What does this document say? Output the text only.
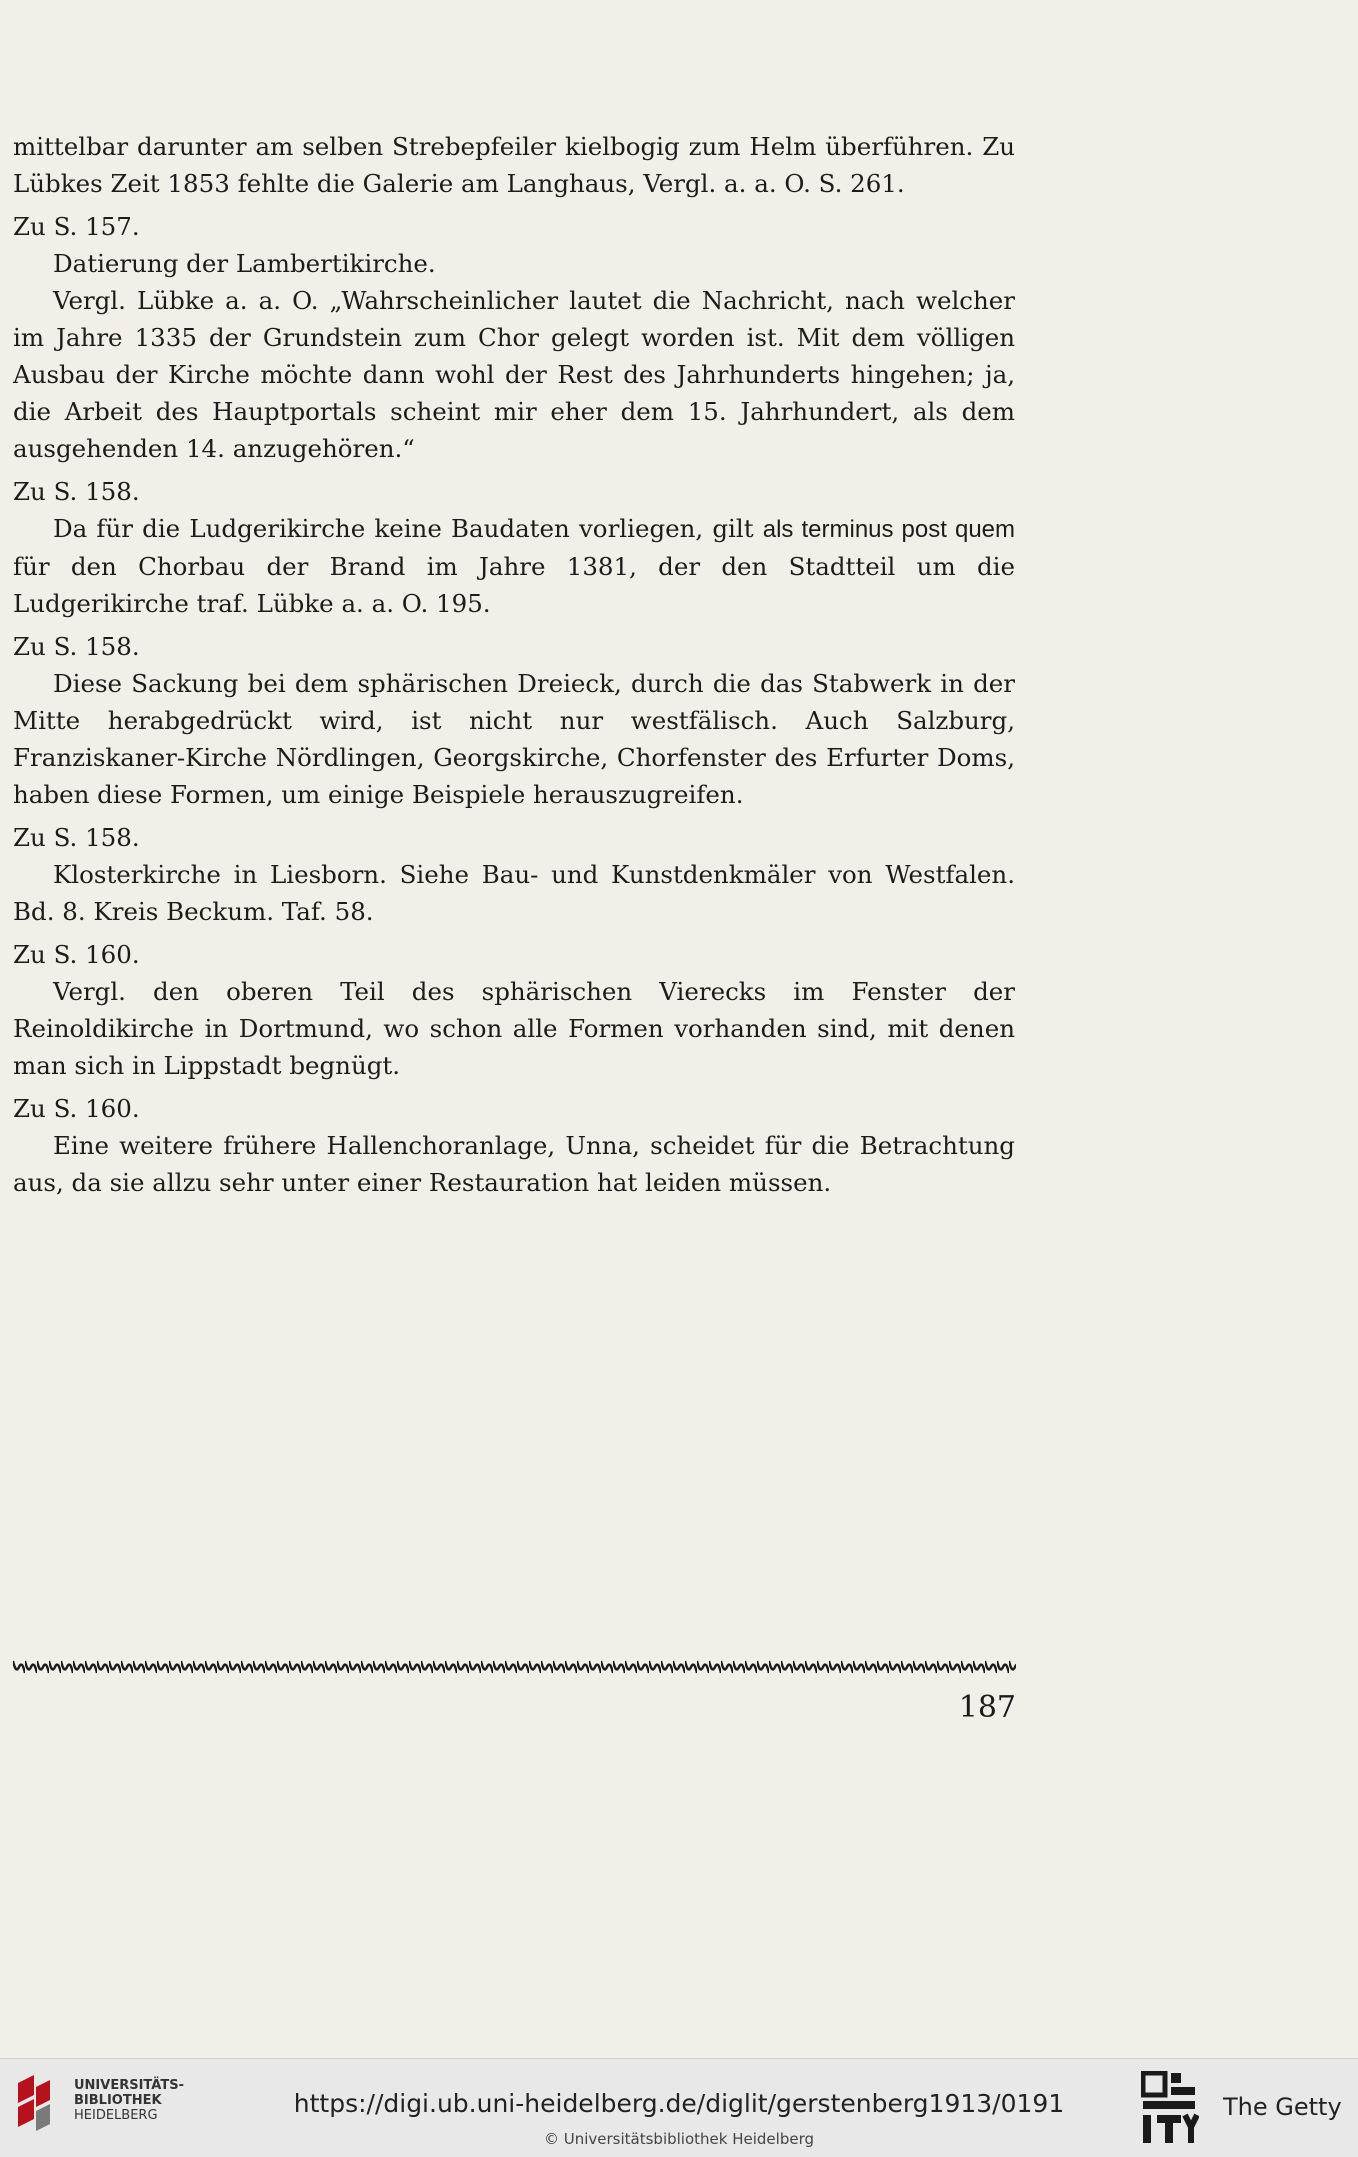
mittelbar darunter am selben Strebepfeiler kielbogig zum Helm überführen. Zu Lübkes Zeit 1853 fehlte die Galerie am Langhaus, Vergl. a. a. O. S. 261.

Zu S. 157.

Datierung der Lambertikirche.

Vergl. Lübke a. a. O. „Wahrscheinlicher lautet die Nachricht, nach welcher im Jahre 1335 der Grundstein zum Chor gelegt worden ist. Mit dem völligen Ausbau der Kirche möchte dann wohl der Rest des Jahrhunderts hingehen; ja, die Arbeit des Hauptportals scheint mir eher dem 15. Jahrhundert, als dem ausgehenden 14. anzugehören.“

Zu S. 158.

Da für die Ludgerikirche keine Baudaten vorliegen, gilt als terminus post quem für den Chorbau der Brand im Jahre 1381, der den Stadtteil um die Ludgerikirche traf. Lübke a. a. O. 195.

Zu S. 158.

Diese Sackung bei dem sphärischen Dreieck, durch die das Stabwerk in der Mitte herabgedrückt wird, ist nicht nur westfälisch. Auch Salzburg, Franziskaner-Kirche Nördlingen, Georgskirche, Chorfenster des Erfurter Doms, haben diese Formen, um einige Beispiele herauszugreifen.

Zu S. 158.

Klosterkirche in Liesborn. Siehe Bau- und Kunstdenkmäler von Westfalen. Bd. 8. Kreis Beckum. Taf. 58.

Zu S. 160.

Vergl. den oberen Teil des sphärischen Vierecks im Fenster der Reinoldikirche in Dortmund, wo schon alle Formen vorhanden sind, mit denen man sich in Lippstadt begnügt.

Zu S. 160.

Eine weitere frühere Hallenchoranlage, Unna, scheidet für die Betrachtung aus, da sie allzu sehr unter einer Restauration hat leiden müssen.

187
UNIVERSITÄTS-
BIBLIOTHEK
HEIDELBERG	https://digi.ub.uni-heidelberg.de/diglit/gerstenberg1913/0191
© Universitätsbibliothek Heidelberg
The Getty
